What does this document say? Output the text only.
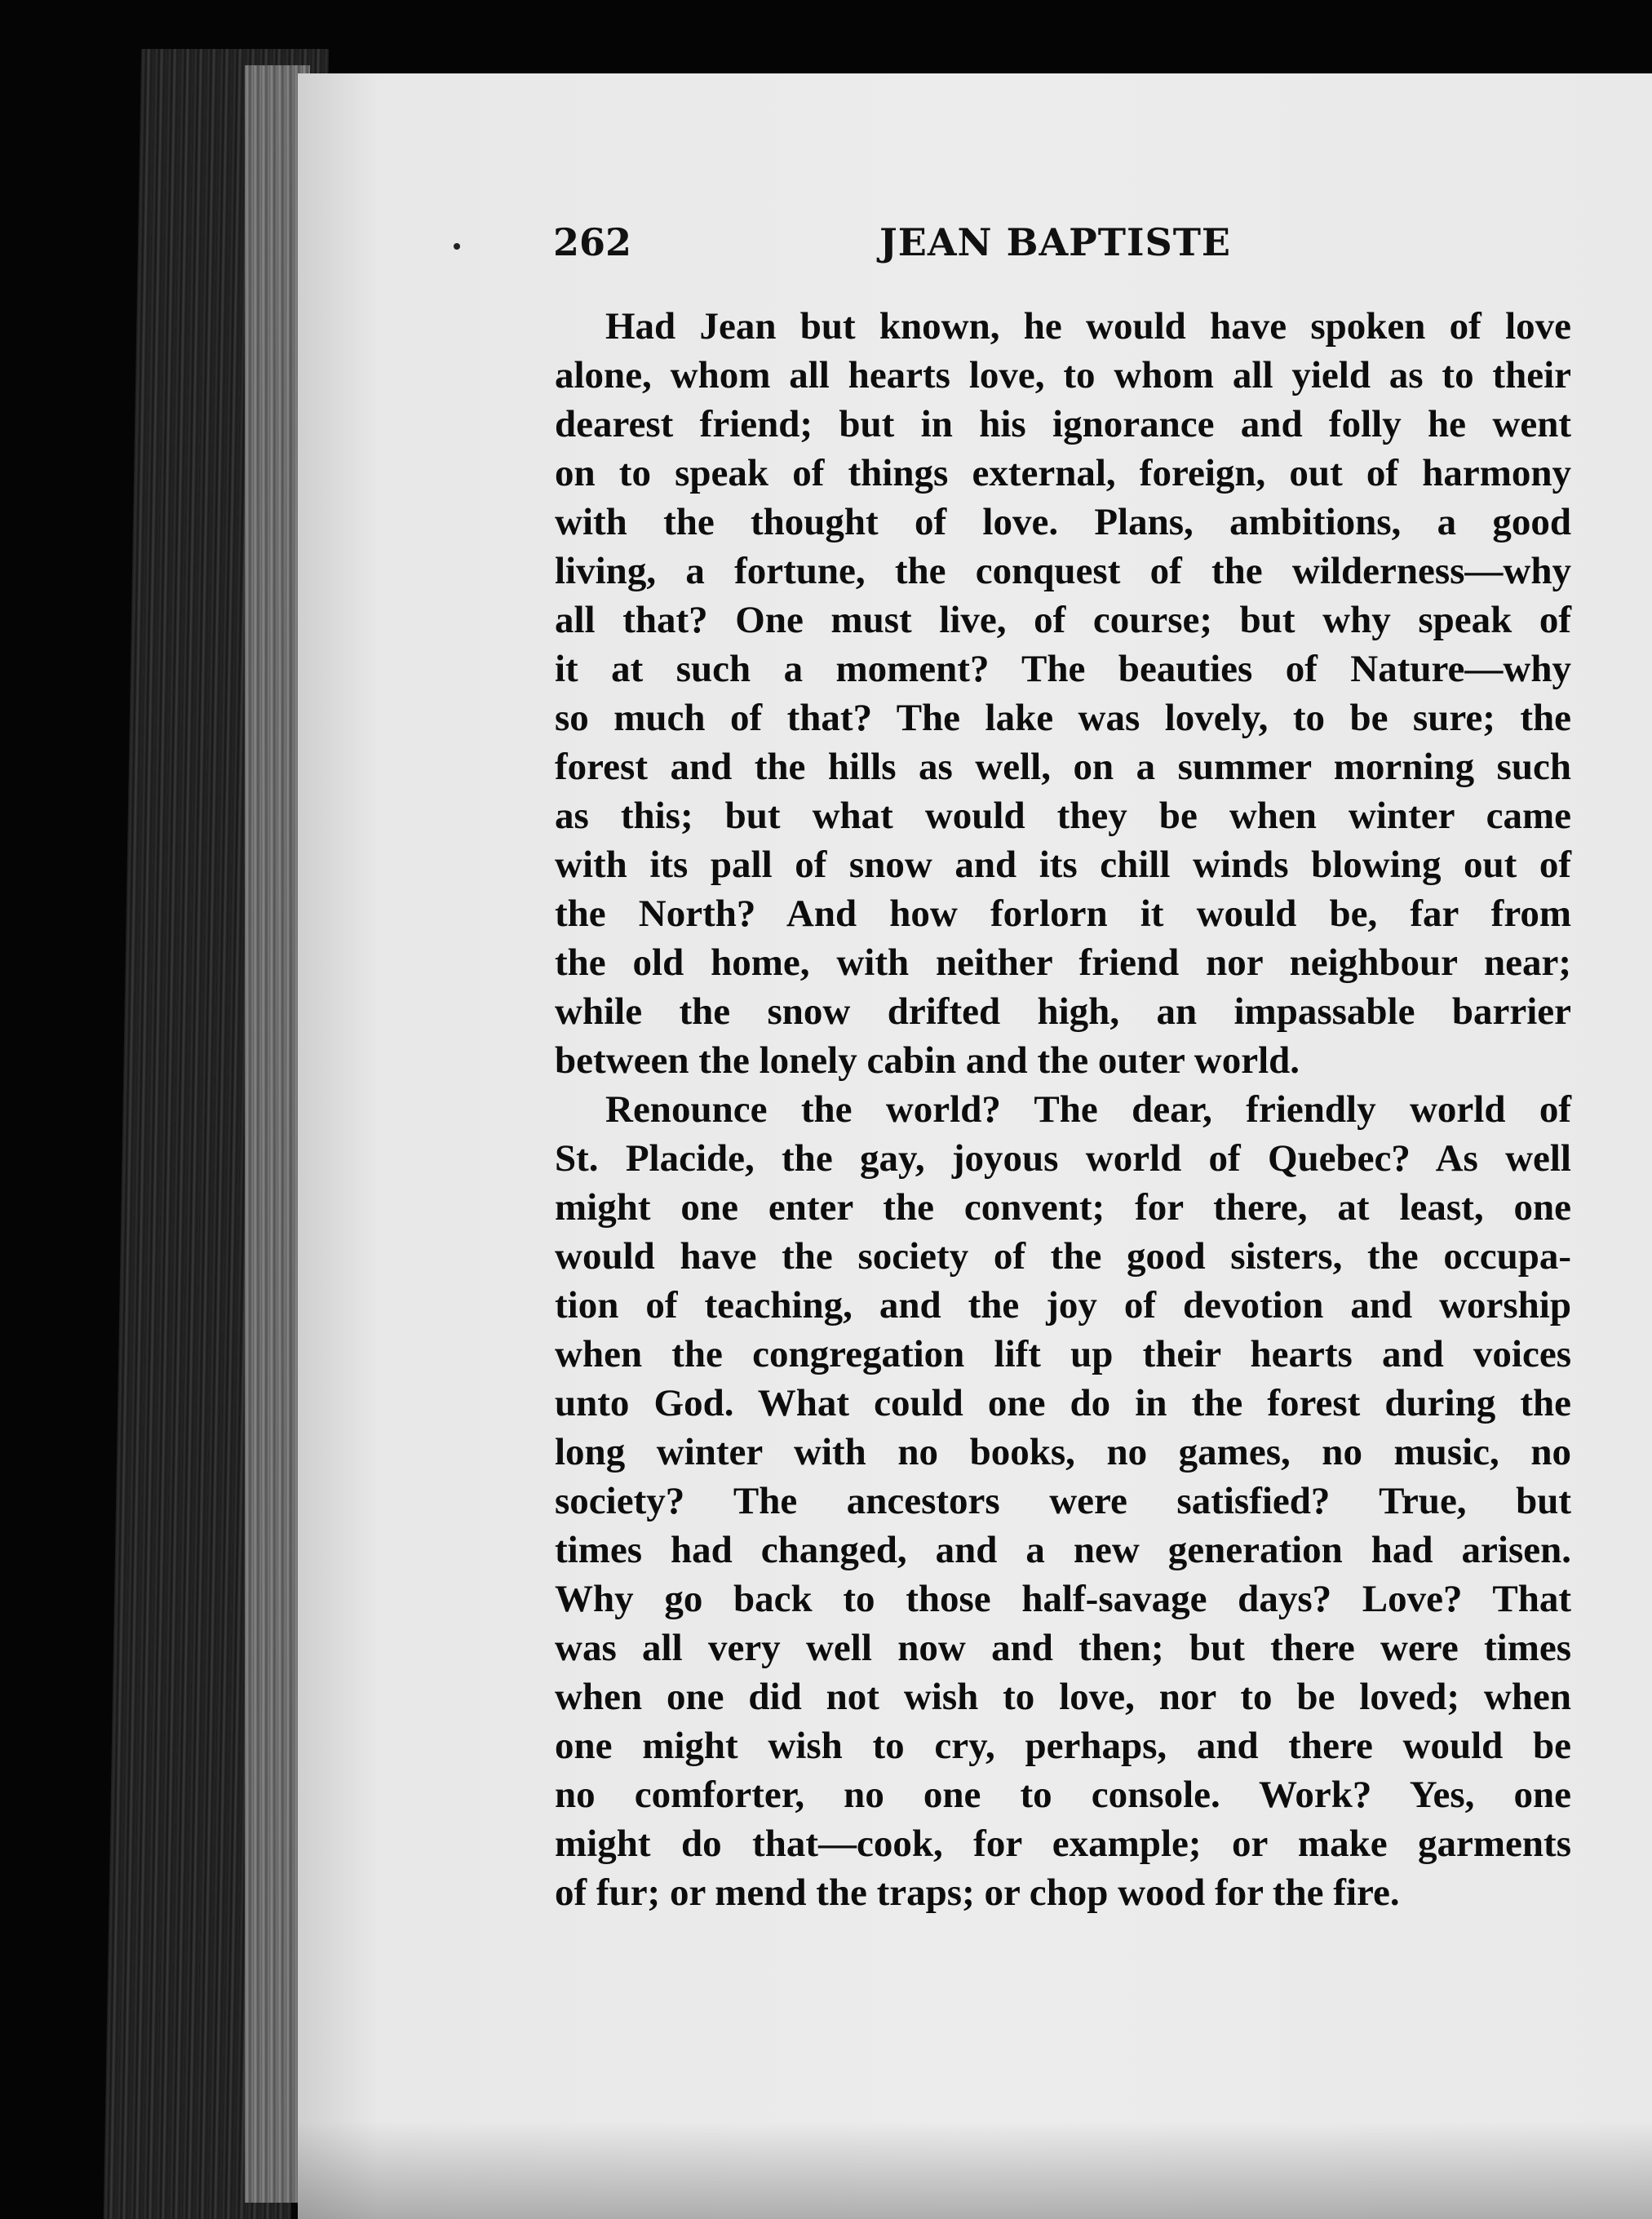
262	JEAN BAPTISTE
Had Jean but known, he would have spoken of love
alone, whom all hearts love, to whom all yield as to their
dearest friend; but in his ignorance and folly he went
on to speak of things external, foreign, out of harmony
with the thought of love. Plans, ambitions, a good
living, a fortune, the conquest of the wilderness—why
all that? One must live, of course; but why speak of
it at such a moment? The beauties of Nature—why
so much of that? The lake was lovely, to be sure; the
forest and the hills as well, on a summer morning such
as this; but what would they be when winter came
with its pall of snow and its chill winds blowing out of
the North? And how forlorn it would be, far from
the old home, with neither friend nor neighbour near;
while the snow drifted high, an impassable barrier
between the lonely cabin and the outer world.
Renounce the world? The dear, friendly world of
St. Placide, the gay, joyous world of Quebec? As well
might one enter the convent; for there, at least, one
would have the society of the good sisters, the occupa-
tion of teaching, and the joy of devotion and worship
when the congregation lift up their hearts and voices
unto God. What could one do in the forest during the
long winter with no books, no games, no music, no
society? The ancestors were satisfied? True, but
times had changed, and a new generation had arisen.
Why go back to those half-savage days? Love? That
was all very well now and then; but there were times
when one did not wish to love, nor to be loved; when
one might wish to cry, perhaps, and there would be
no comforter, no one to console. Work? Yes, one
might do that—cook, for example; or make garments
of fur; or mend the traps; or chop wood for the fire.
